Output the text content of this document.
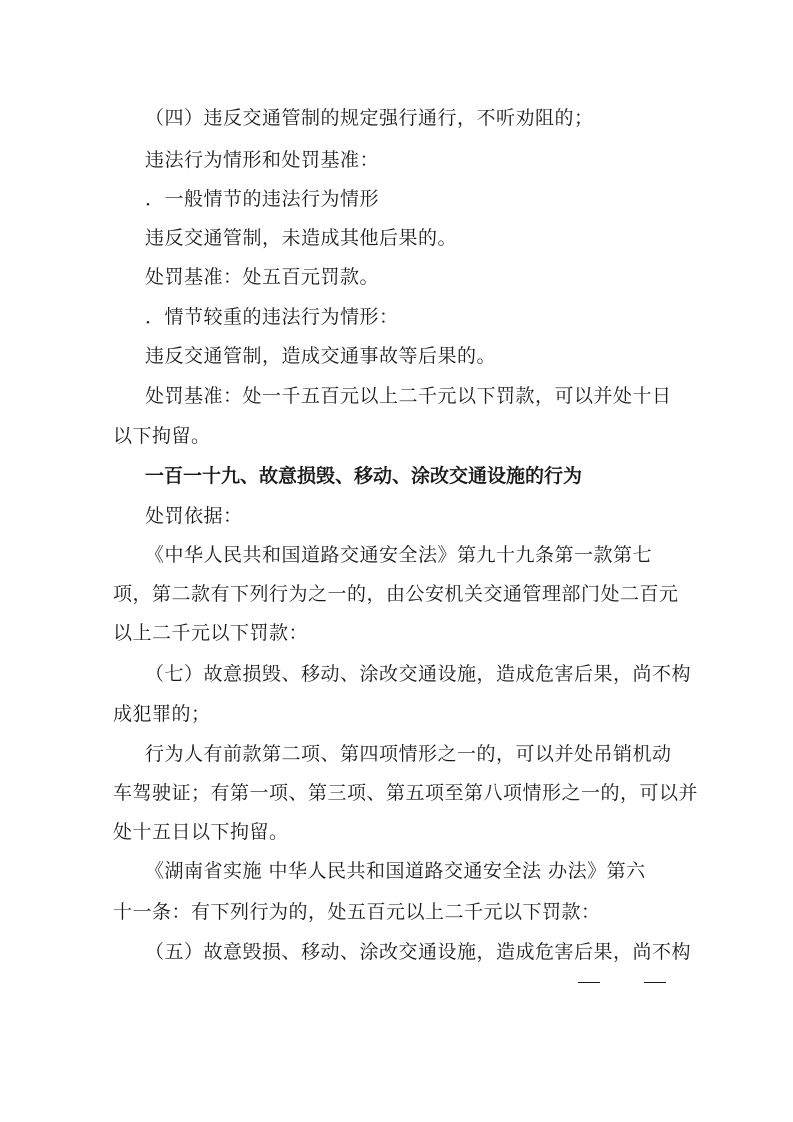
（四）违反交通管制的规定强行通行，不听劝阻的；
违法行为情形和处罚基准：
．一般情节的违法行为情形
违反交通管制，未造成其他后果的。
处罚基准：处五百元罚款。
．情节较重的违法行为情形：
违反交通管制，造成交通事故等后果的。
处罚基准：处一千五百元以上二千元以下罚款，可以并处十日
以下拘留。
一百一十九、故意损毁、移动、涂改交通设施的行为
处罚依据：
《中华人民共和国道路交通安全法》第九十九条第一款第七
项，第二款有下列行为之一的，由公安机关交通管理部门处二百元
以上二千元以下罚款：
（七）故意损毁、移动、涂改交通设施，造成危害后果，尚不构
成犯罪的；
行为人有前款第二项、第四项情形之一的，可以并处吊销机动
车驾驶证；有第一项、第三项、第五项至第八项情形之一的，可以并
处十五日以下拘留。
《湖南省实施 中华人民共和国道路交通安全法 办法》第六
十一条：有下列行为的，处五百元以上二千元以下罚款：
（五）故意毁损、移动、涂改交通设施，造成危害后果，尚不构
